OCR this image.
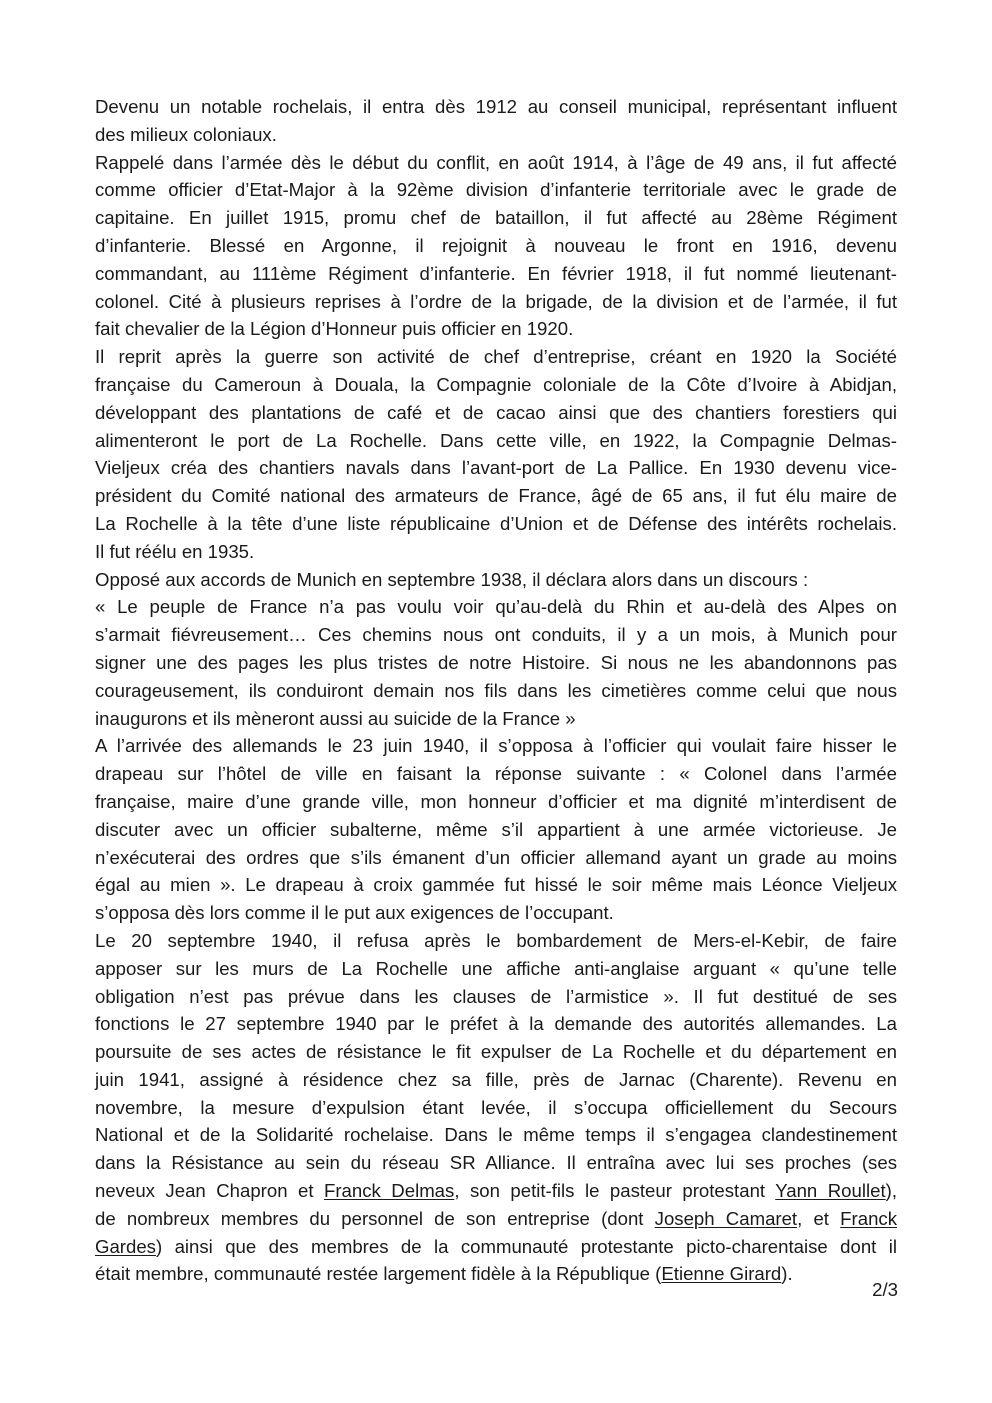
Devenu un notable rochelais, il entra dès 1912 au conseil municipal, représentant influent
des milieux coloniaux.
Rappelé dans l’armée dès le début du conflit, en août 1914, à l’âge de 49 ans, il fut affecté
comme officier d’Etat-Major à la 92ème division d’infanterie territoriale avec le grade de
capitaine. En juillet 1915, promu chef de bataillon, il fut affecté au 28ème Régiment
d’infanterie. Blessé en Argonne, il rejoignit à nouveau le front en 1916, devenu
commandant, au 111ème Régiment d’infanterie. En février 1918, il fut nommé lieutenant-
colonel. Cité à plusieurs reprises à l’ordre de la brigade, de la division et de l’armée, il fut
fait chevalier de la Légion d’Honneur puis officier en 1920.
Il reprit après la guerre son activité de chef d’entreprise, créant en 1920 la Société
française du Cameroun à Douala, la Compagnie coloniale de la Côte d’Ivoire à Abidjan,
développant des plantations de café et de cacao ainsi que des chantiers forestiers qui
alimenteront le port de La Rochelle. Dans cette ville, en 1922, la Compagnie Delmas-
Vieljeux créa des chantiers navals dans l’avant-port de La Pallice. En 1930 devenu vice-
président du Comité national des armateurs de France, âgé de 65 ans, il fut élu maire de
La Rochelle à la tête d’une liste républicaine d’Union et de Défense des intérêts rochelais.
Il fut réélu en 1935.
Opposé aux accords de Munich en septembre 1938, il déclara alors dans un discours :
« Le peuple de France n’a pas voulu voir qu’au-delà du Rhin et au-delà des Alpes on
s’armait fiévreusement… Ces chemins nous ont conduits, il y a un mois, à Munich pour
signer une des pages les plus tristes de notre Histoire. Si nous ne les abandonnons pas
courageusement, ils conduiront demain nos fils dans les cimetières comme celui que nous
inaugurons et ils mèneront aussi au suicide de la France »
A l’arrivée des allemands le 23 juin 1940, il s’opposa à l’officier qui voulait faire hisser le
drapeau sur l’hôtel de ville en faisant la réponse suivante : « Colonel dans l’armée
française, maire d’une grande ville, mon honneur d’officier et ma dignité m’interdisent de
discuter avec un officier subalterne, même s’il appartient à une armée victorieuse. Je
n’exécuterai des ordres que s’ils émanent d’un officier allemand ayant un grade au moins
égal au mien ». Le drapeau à croix gammée fut hissé le soir même mais Léonce Vieljeux
s’opposa dès lors comme il le put aux exigences de l’occupant.
Le 20 septembre 1940, il refusa après le bombardement de Mers-el-Kebir, de faire
apposer sur les murs de La Rochelle une affiche anti-anglaise arguant « qu’une telle
obligation n’est pas prévue dans les clauses de l’armistice ». Il fut destitué de ses
fonctions le 27 septembre 1940 par le préfet à la demande des autorités allemandes. La
poursuite de ses actes de résistance le fit expulser de La Rochelle et du département en
juin 1941, assigné à résidence chez sa fille, près de Jarnac (Charente). Revenu en
novembre, la mesure d’expulsion étant levée, il s’occupa officiellement du Secours
National et de la Solidarité rochelaise. Dans le même temps il s’engagea clandestinement
dans la Résistance au sein du réseau SR Alliance. Il entraîna avec lui ses proches (ses
neveux Jean Chapron et Franck Delmas, son petit-fils le pasteur protestant Yann Roullet),
de nombreux membres du personnel de son entreprise (dont Joseph Camaret, et Franck
Gardes) ainsi que des membres de la communauté protestante picto-charentaise dont il
était membre, communauté restée largement fidèle à la République (Etienne Girard).
2/3
